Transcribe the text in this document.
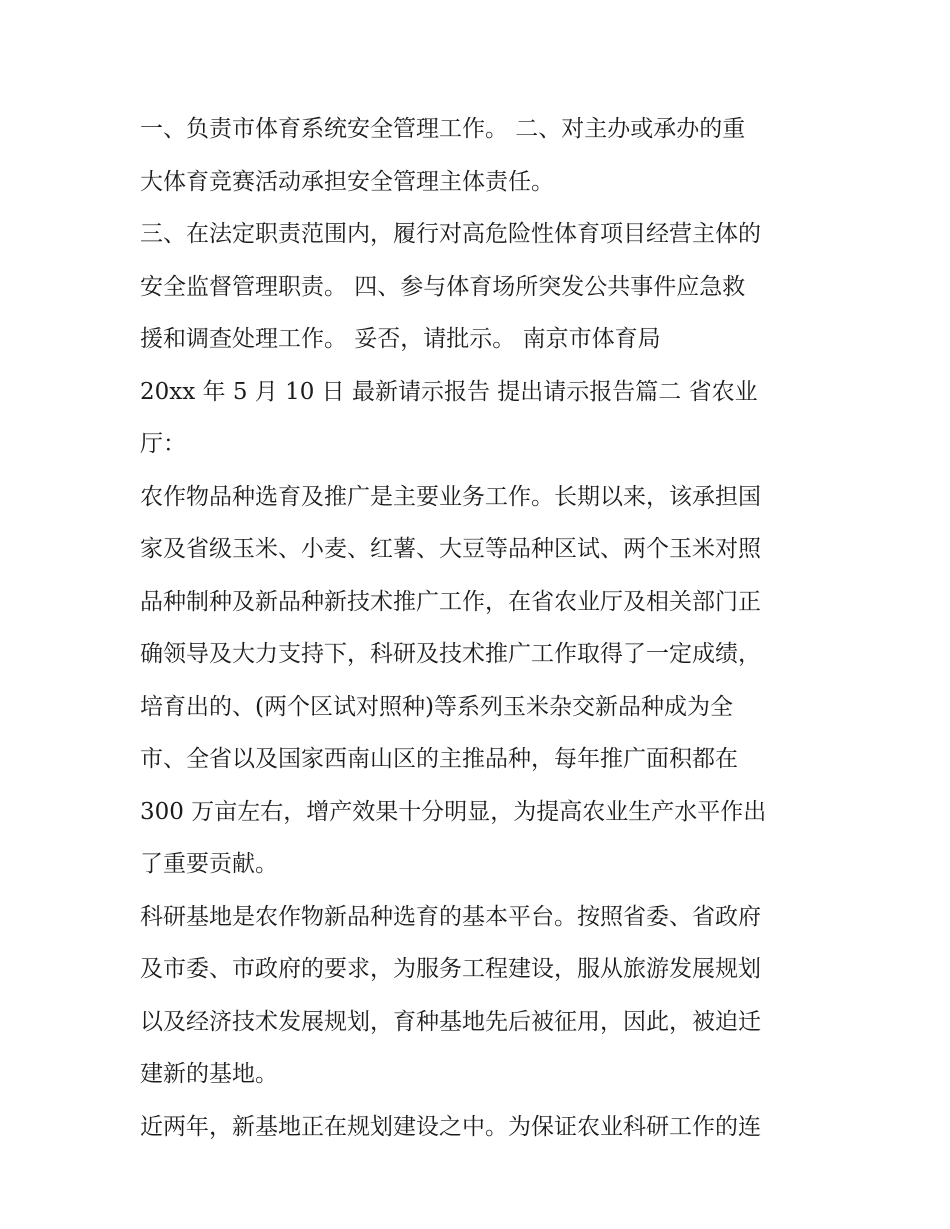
一、负责市体育系统安全管理工作。 二、对主办或承办的重
大体育竞赛活动承担安全管理主体责任。
三、在法定职责范围内，履行对高危险性体育项目经营主体的
安全监督管理职责。 四、参与体育场所突发公共事件应急救
援和调查处理工作。 妥否，请批示。 南京市体育局
20xx 年 5 月 10 日 最新请示报告 提出请示报告篇二 省农业
厅：
农作物品种选育及推广是主要业务工作。长期以来，该承担国
家及省级玉米、小麦、红薯、大豆等品种区试、两个玉米对照
品种制种及新品种新技术推广工作，在省农业厅及相关部门正
确领导及大力支持下，科研及技术推广工作取得了一定成绩，
培育出的、(两个区试对照种)等系列玉米杂交新品种成为全
市、全省以及国家西南山区的主推品种，每年推广面积都在
300 万亩左右，增产效果十分明显，为提高农业生产水平作出
了重要贡献。
科研基地是农作物新品种选育的基本平台。按照省委、省政府
及市委、市政府的要求，为服务工程建设，服从旅游发展规划
以及经济技术发展规划，育种基地先后被征用，因此，被迫迁
建新的基地。
近两年，新基地正在规划建设之中。为保证农业科研工作的连
